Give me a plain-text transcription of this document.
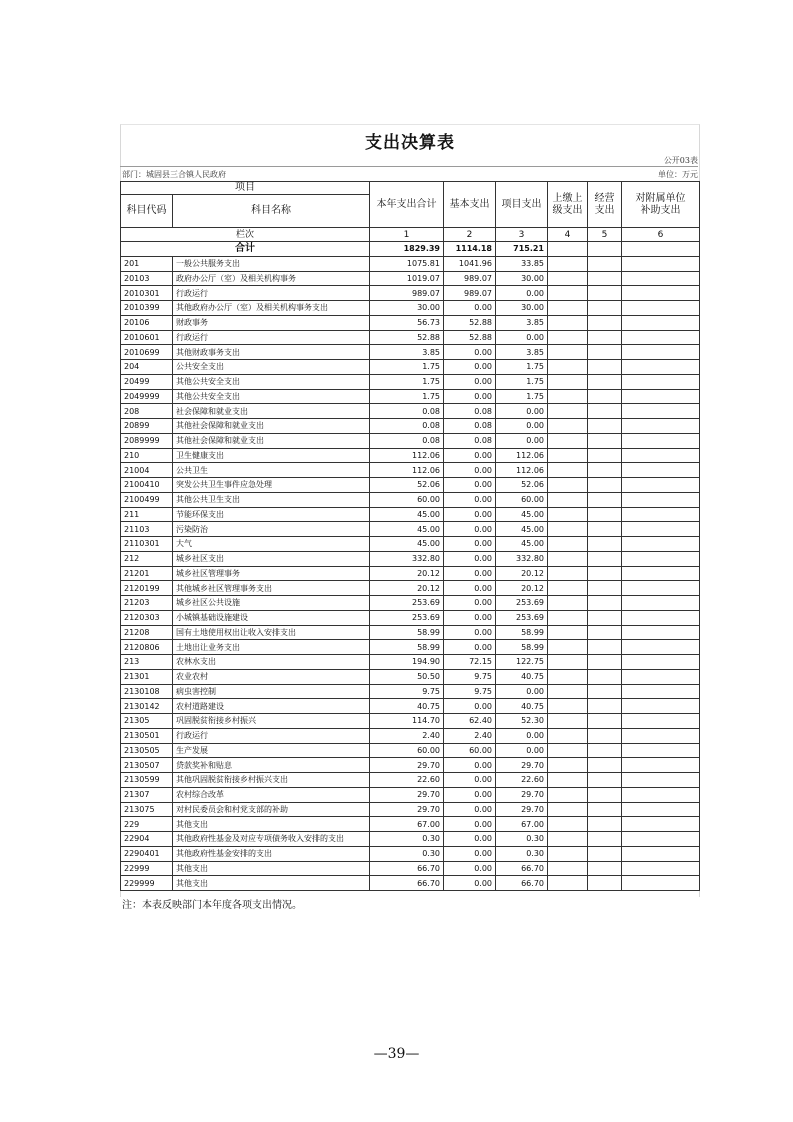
支出决算表
公开03表
部门：城固县三合镇人民政府	单位：万元
项目		本年支出合计	基本支出	项目支出	上缴上级支出	经营支出	对附属单位补助支出
科目代码	科目名称						
栏次		1	2	3	4	5	6
合计		1829.39	1114.18	715.21			
201	一般公共服务支出	1075.81	1041.96	33.85			
20103	政府办公厅（室）及相关机构事务	1019.07	989.07	30.00			
2010301	行政运行	989.07	989.07	0.00			
2010399	其他政府办公厅（室）及相关机构事务支出	30.00	0.00	30.00			
20106	财政事务	56.73	52.88	3.85			
2010601	行政运行	52.88	52.88	0.00			
2010699	其他财政事务支出	3.85	0.00	3.85			
204	公共安全支出	1.75	0.00	1.75			
20499	其他公共安全支出	1.75	0.00	1.75			
2049999	其他公共安全支出	1.75	0.00	1.75			
208	社会保障和就业支出	0.08	0.08	0.00			
20899	其他社会保障和就业支出	0.08	0.08	0.00			
2089999	其他社会保障和就业支出	0.08	0.08	0.00			
210	卫生健康支出	112.06	0.00	112.06			
21004	公共卫生	112.06	0.00	112.06			
2100410	突发公共卫生事件应急处理	52.06	0.00	52.06			
2100499	其他公共卫生支出	60.00	0.00	60.00			
211	节能环保支出	45.00	0.00	45.00			
21103	污染防治	45.00	0.00	45.00			
2110301	大气	45.00	0.00	45.00			
212	城乡社区支出	332.80	0.00	332.80			
21201	城乡社区管理事务	20.12	0.00	20.12			
2120199	其他城乡社区管理事务支出	20.12	0.00	20.12			
21203	城乡社区公共设施	253.69	0.00	253.69			
2120303	小城镇基础设施建设	253.69	0.00	253.69			
21208	国有土地使用权出让收入安排支出	58.99	0.00	58.99			
2120806	土地出让业务支出	58.99	0.00	58.99			
213	农林水支出	194.90	72.15	122.75			
21301	农业农村	50.50	9.75	40.75			
2130108	病虫害控制	9.75	9.75	0.00			
2130142	农村道路建设	40.75	0.00	40.75			
21305	巩固脱贫衔接乡村振兴	114.70	62.40	52.30			
2130501	行政运行	2.40	2.40	0.00			
2130505	生产发展	60.00	60.00	0.00			
2130507	贷款奖补和贴息	29.70	0.00	29.70			
2130599	其他巩固脱贫衔接乡村振兴支出	22.60	0.00	22.60			
21307	农村综合改革	29.70	0.00	29.70			
213075	对村民委员会和村党支部的补助	29.70	0.00	29.70			
229	其他支出	67.00	0.00	67.00			
22904	其他政府性基金及对应专项债务收入安排的支出	0.30	0.00	0.30			
2290401	其他政府性基金安排的支出	0.30	0.00	0.30			
22999	其他支出	66.70	0.00	66.70			
229999	其他支出	66.70	0.00	66.70			
注：本表反映部门本年度各项支出情况。
—39—
